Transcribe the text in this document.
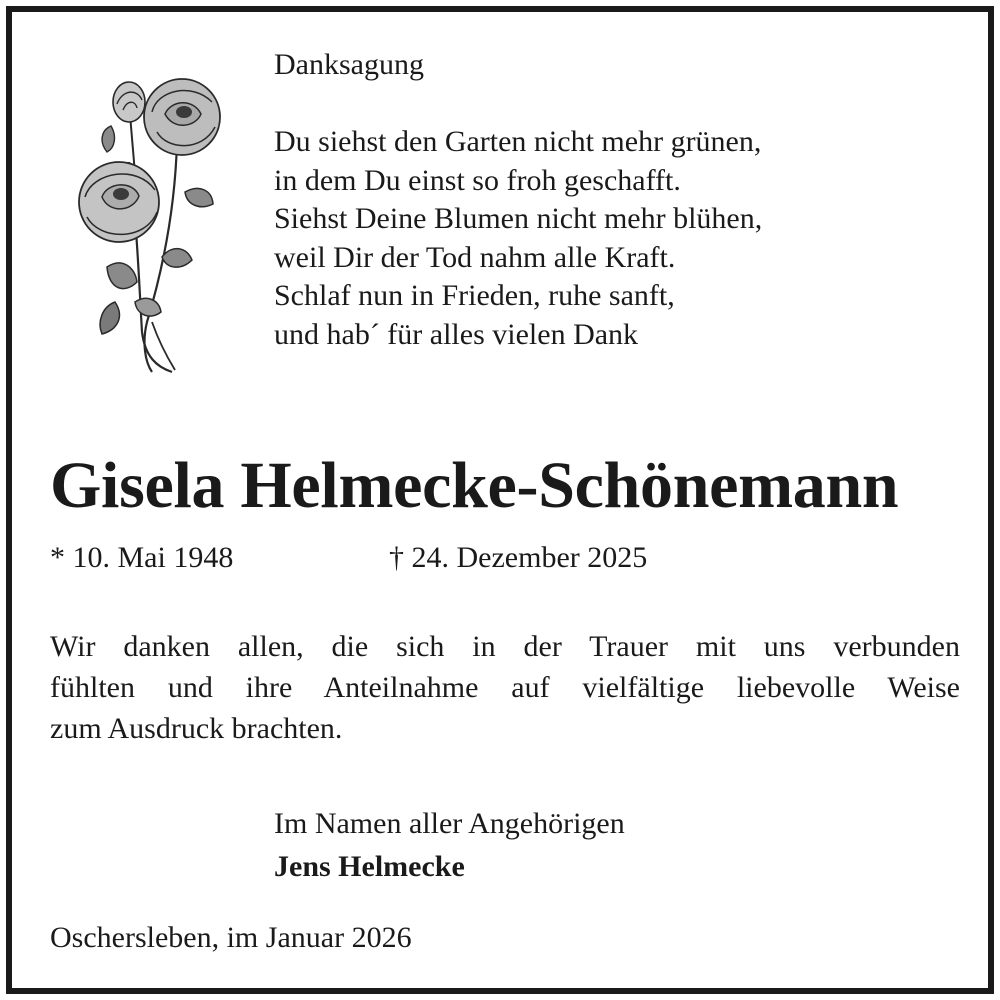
Danksagung
Du siehst den Garten nicht mehr grünen,
in dem Du einst so froh geschafft.
Siehst Deine Blumen nicht mehr blühen,
weil Dir der Tod nahm alle Kraft.
Schlaf nun in Frieden, ruhe sanft,
und hab´ für alles vielen Dank
Gisela Helmecke-Schönemann
* 10. Mai 1948	† 24. Dezember 2025
Wir danken allen, die sich in der Trauer mit uns verbunden
fühlten und ihre Anteilnahme auf vielfältige liebevolle Weise
zum Ausdruck brachten.
Im Namen aller Angehörigen
Jens Helmecke
Oschersleben, im Januar 2026
